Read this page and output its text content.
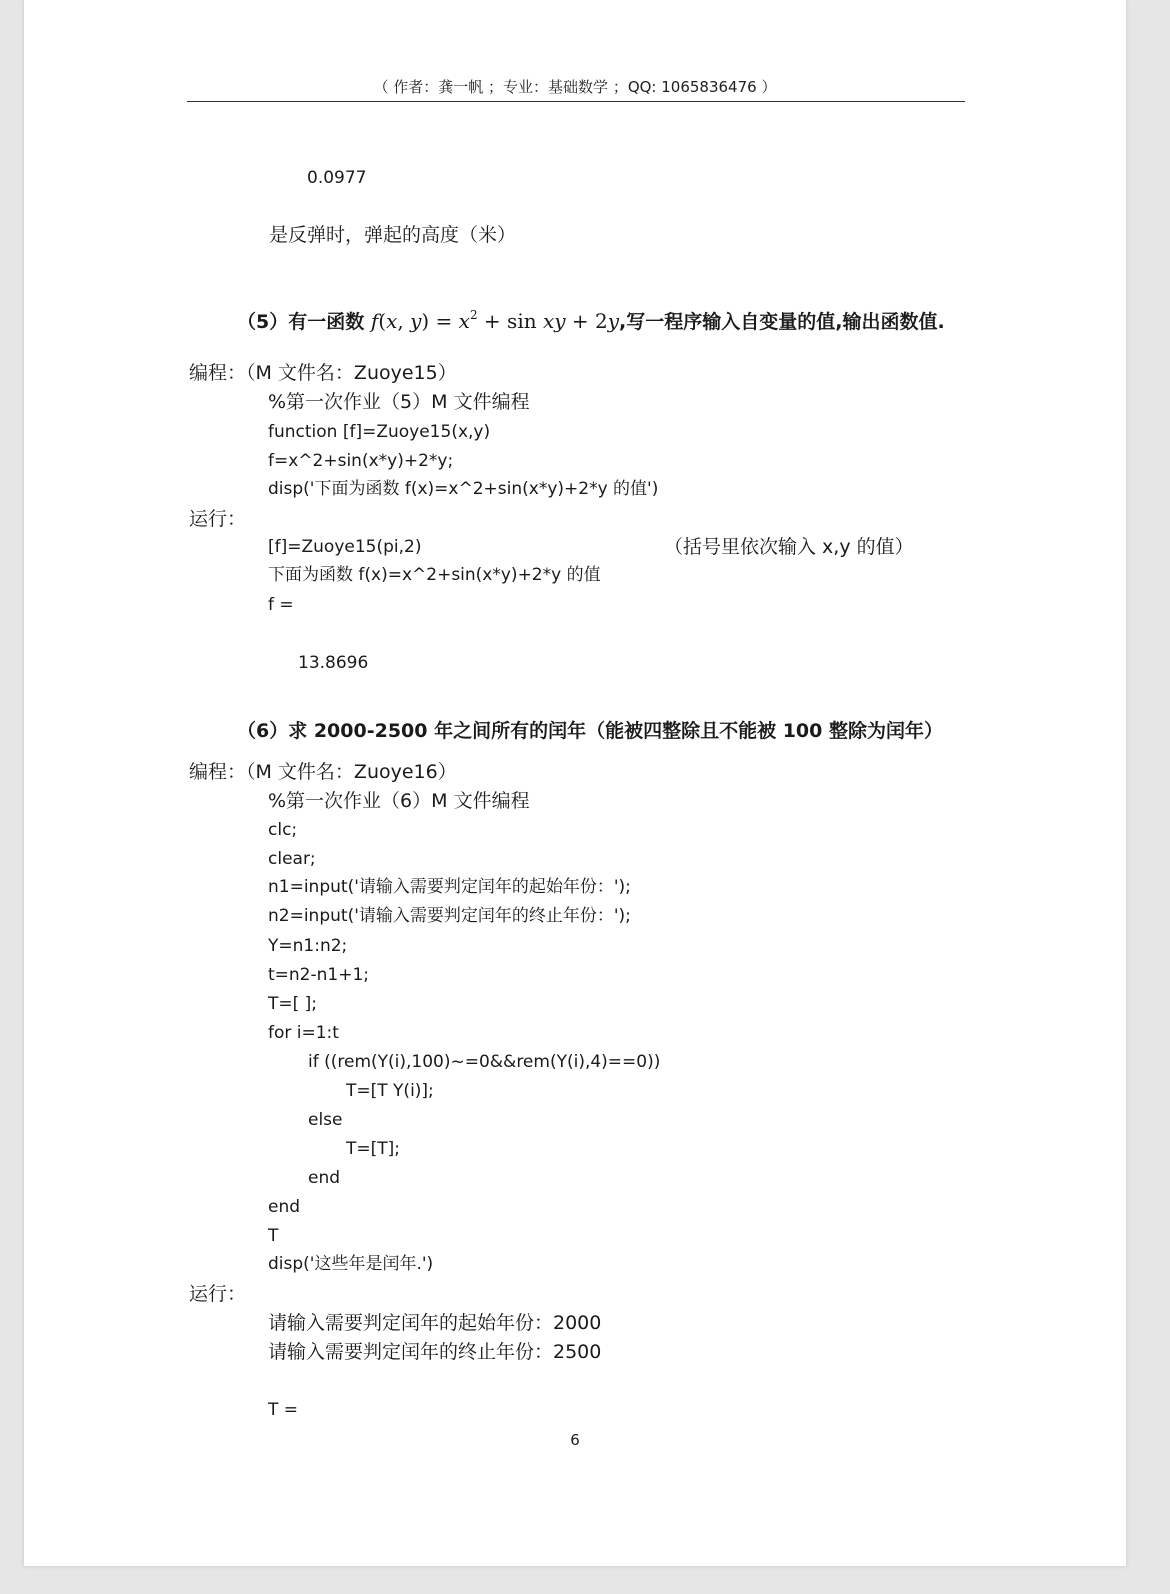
（ 作者：龚一帆 ；专业：基础数学 ；QQ: 1065836476 ）
0.0977
是反弹时，弹起的高度（米）
（5）有一函数 f(x, $y) = x^2 + \sin$ xy + 2y,写一程序输入自变量的值,输出函数值.
编程：（M 文件名：Zuoye15）
%第一次作业（5）M 文件编程
function [f]=Zuoye15(x,y)
f=x^2+sin(x*y)+2*y;
disp('下面为函数 f(x)=x^2+sin(x*y)+2*y 的值')
运行：
[f]=Zuoye15(pi,2)	（括号里依次输入 x,y 的值）
下面为函数 f(x)=x^2+sin(x*y)+2*y 的值
f =
13.8696
（6）求 2000-2500 年之间所有的闰年（能被四整除且不能被 100 整除为闰年）
编程：（M 文件名：Zuoye16）
%第一次作业（6）M 文件编程
clc;
clear;
n1=input('请输入需要判定闰年的起始年份：');
n2=input('请输入需要判定闰年的终止年份：');
Y=n1:n2;
t=n2-n1+1;
T=[ ];
for i=1:t
if ((rem(Y(i),100)~=0&&rem(Y(i),4)==0))
T=[T Y(i)];
else
T=[T];
end
end
T
disp('这些年是闰年.')
运行：
请输入需要判定闰年的起始年份：2000
请输入需要判定闰年的终止年份：2500
T =
6
